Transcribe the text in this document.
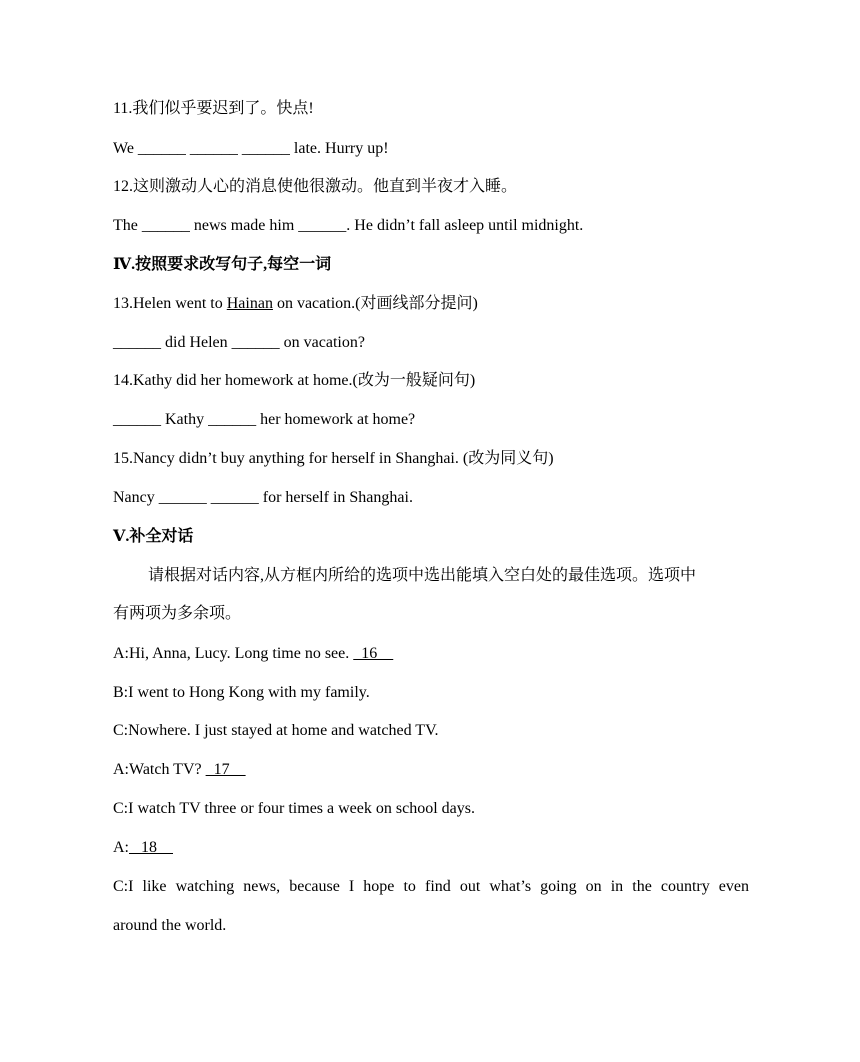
11.我们似乎要迟到了。快点!
We ______ ______ ______ late. Hurry up!
12.这则激动人心的消息使他很激动。他直到半夜才入睡。
The ______ news made him ______. He didn’t fall asleep until midnight.
Ⅳ.按照要求改写句子,每空一词
13.Helen went to Hainan on vacation.(对画线部分提问)
______ did Helen ______ on vacation?
14.Kathy did her homework at home.(改为一般疑问句)
______ Kathy ______ her homework at home?
15.Nancy didn’t buy anything for herself in Shanghai. (改为同义句)
Nancy ______ ______ for herself in Shanghai.
Ⅴ.补全对话
请根据对话内容,从方框内所给的选项中选出能填入空白处的最佳选项。选项中
有两项为多余项。
A:Hi, Anna, Lucy. Long time no see.   16
B:I went to Hong Kong with my family.
C:Nowhere. I just stayed at home and watched TV.
A:Watch TV?   17
C:I watch TV three or four times a week on school days.
A:   18
C:I like watching news, because I hope to find out what’s going on in the country even
around the world.
